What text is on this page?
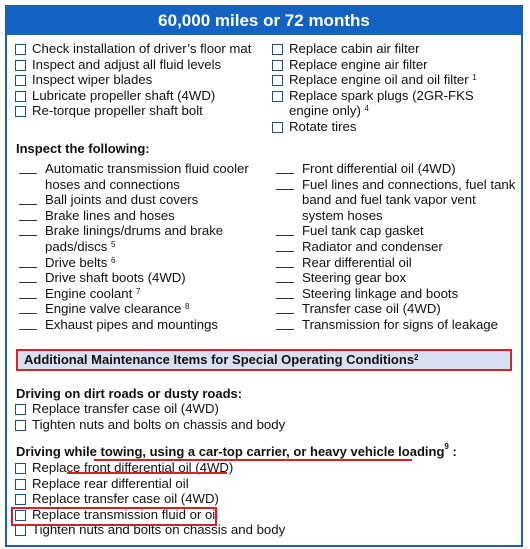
60,000 miles or 72 months
Check installation of driver’s floor mat
Inspect and adjust all fluid levels
Inspect wiper blades
Lubricate propeller shaft (4WD)
Re-torque propeller shaft bolt
Replace cabin air filter
Replace engine air filter
Replace engine oil and oil filter $^1$
Replace spark plugs (2GR-FKS engine only) $^4$
Rotate tires
Inspect the following:
Automatic transmission fluid cooler hoses and connections
Ball joints and dust covers
Brake lines and hoses
Brake linings/drums and brake pads/discs $^5$
Drive belts $^6$
Drive shaft boots (4WD)
Engine coolant $^7$
Engine valve clearance $^8$
Exhaust pipes and mountings
Front differential oil (4WD)
Fuel lines and connections, fuel tank band and fuel tank vapor vent system hoses
Fuel tank cap gasket
Radiator and condenser
Rear differential oil
Steering gear box
Steering linkage and boots
Transfer case oil (4WD)
Transmission for signs of leakage
Additional Maintenance Items for Special Operating Conditions$^2$
Driving on dirt roads or dusty roads:
Replace transfer case oil (4WD)
Tighten nuts and bolts on chassis and body
Driving while towing, using a car-top carrier, or heavy vehicle loading$^9$ :
Replace front differential oil (4WD)
Replace rear differential oil
Replace transfer case oil (4WD)
Replace transmission fluid or oil
Tighten nuts and bolts on chassis and body
